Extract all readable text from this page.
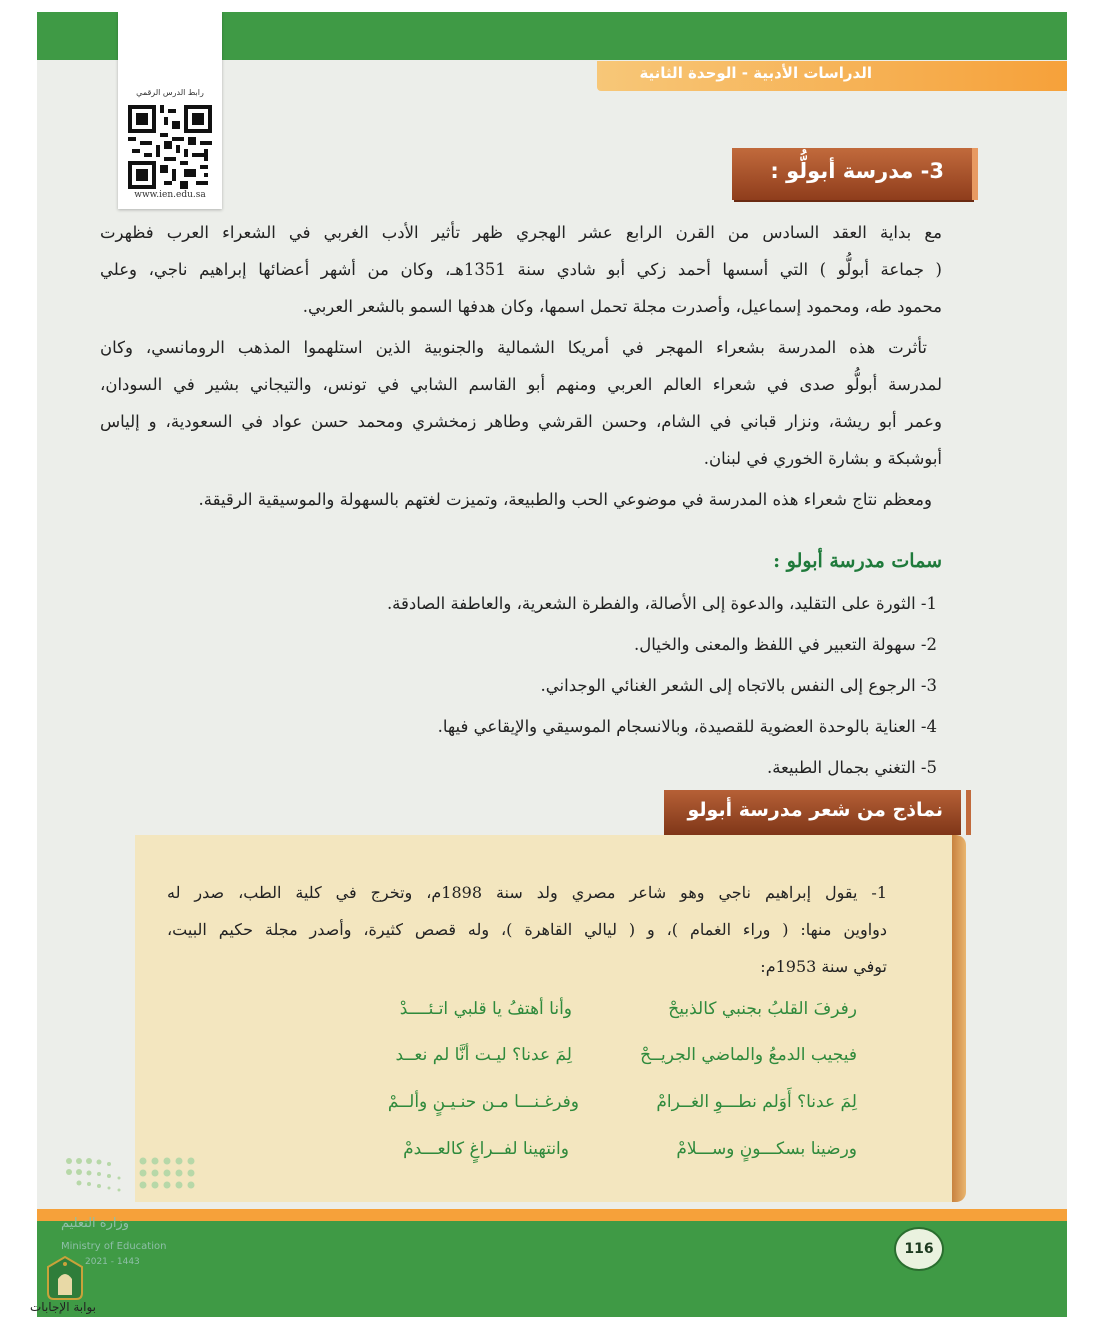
الدراسات الأدبية - الوحدة الثانية
رابط الدرس الرقمي
www.ien.edu.sa
3- مدرسة أبولُّو :
مع بداية العقد السادس من القرن الرابع عشر الهجري ظهر تأثير الأدب الغربي في الشعراء العرب فظهرت
( جماعة أبولُّو ) التي أسسها أحمد زكي أبو شادي سنة 1351هـ، وكان من أشهر أعضائها إبراهيم ناجي، وعلي
محمود طه، ومحمود إسماعيل، وأصدرت مجلة تحمل اسمها، وكان هدفها السمو بالشعر العربي.
تأثرت هذه المدرسة بشعراء المهجر في أمريكا الشمالية والجنوبية الذين استلهموا المذهب الرومانسي، وكان
لمدرسة أبولُّو صدى في شعراء العالم العربي ومنهم أبو القاسم الشابي في تونس، والتيجاني بشير في السودان،
وعمر أبو ريشة، ونزار قباني في الشام، وحسن القرشي وطاهر زمخشري ومحمد حسن عواد في السعودية، و إلياس
أبوشبكة و بشارة الخوري في لبنان.
ومعظم نتاج شعراء هذه المدرسة في موضوعي الحب والطبيعة، وتميزت لغتهم بالسهولة والموسيقية الرقيقة.
سمات مدرسة أبولو :
1- الثورة على التقليد، والدعوة إلى الأصالة، والفطرة الشعرية، والعاطفة الصادقة.
2- سهولة التعبير في اللفظ والمعنى والخيال.
3- الرجوع إلى النفس بالاتجاه إلى الشعر الغنائي الوجداني.
4- العناية بالوحدة العضوية للقصيدة، وبالانسجام الموسيقي والإيقاعي فيها.
5- التغني بجمال الطبيعة.
نماذج من شعر مدرسة أبولو
1- يقول إبراهيم ناجي وهو شاعر مصري ولد سنة 1898م، وتخرج في كلية الطب، صدر له
دواوين منها: ( وراء الغمام )، و ( ليالي القاهرة )، وله قصص كثيرة، وأصدر مجلة حكيم البيت،
توفي سنة 1953م:
رفرفَ القلبُ بجنبي كالذبيحْ
وأنا أهتفُ يا قلبي اتـئــــدْ
فيجيب الدمعُ والماضي الجريــحْ
لِمَ عدنا؟ ليـت أنَّا لم نعــد
لِمَ عدنا؟ أَوَلم نطـــوِ الغــرامْ
وفرغـنـــا مـن حنـيـنٍ وألــمْ
ورضينا بسكـــونٍ وســـلامْ
وانتهينا لفــراغٍ كالعـــدمْ
وزارة التعليم
Ministry of Education
2021 - 1443
116
بوابة الإجابات
